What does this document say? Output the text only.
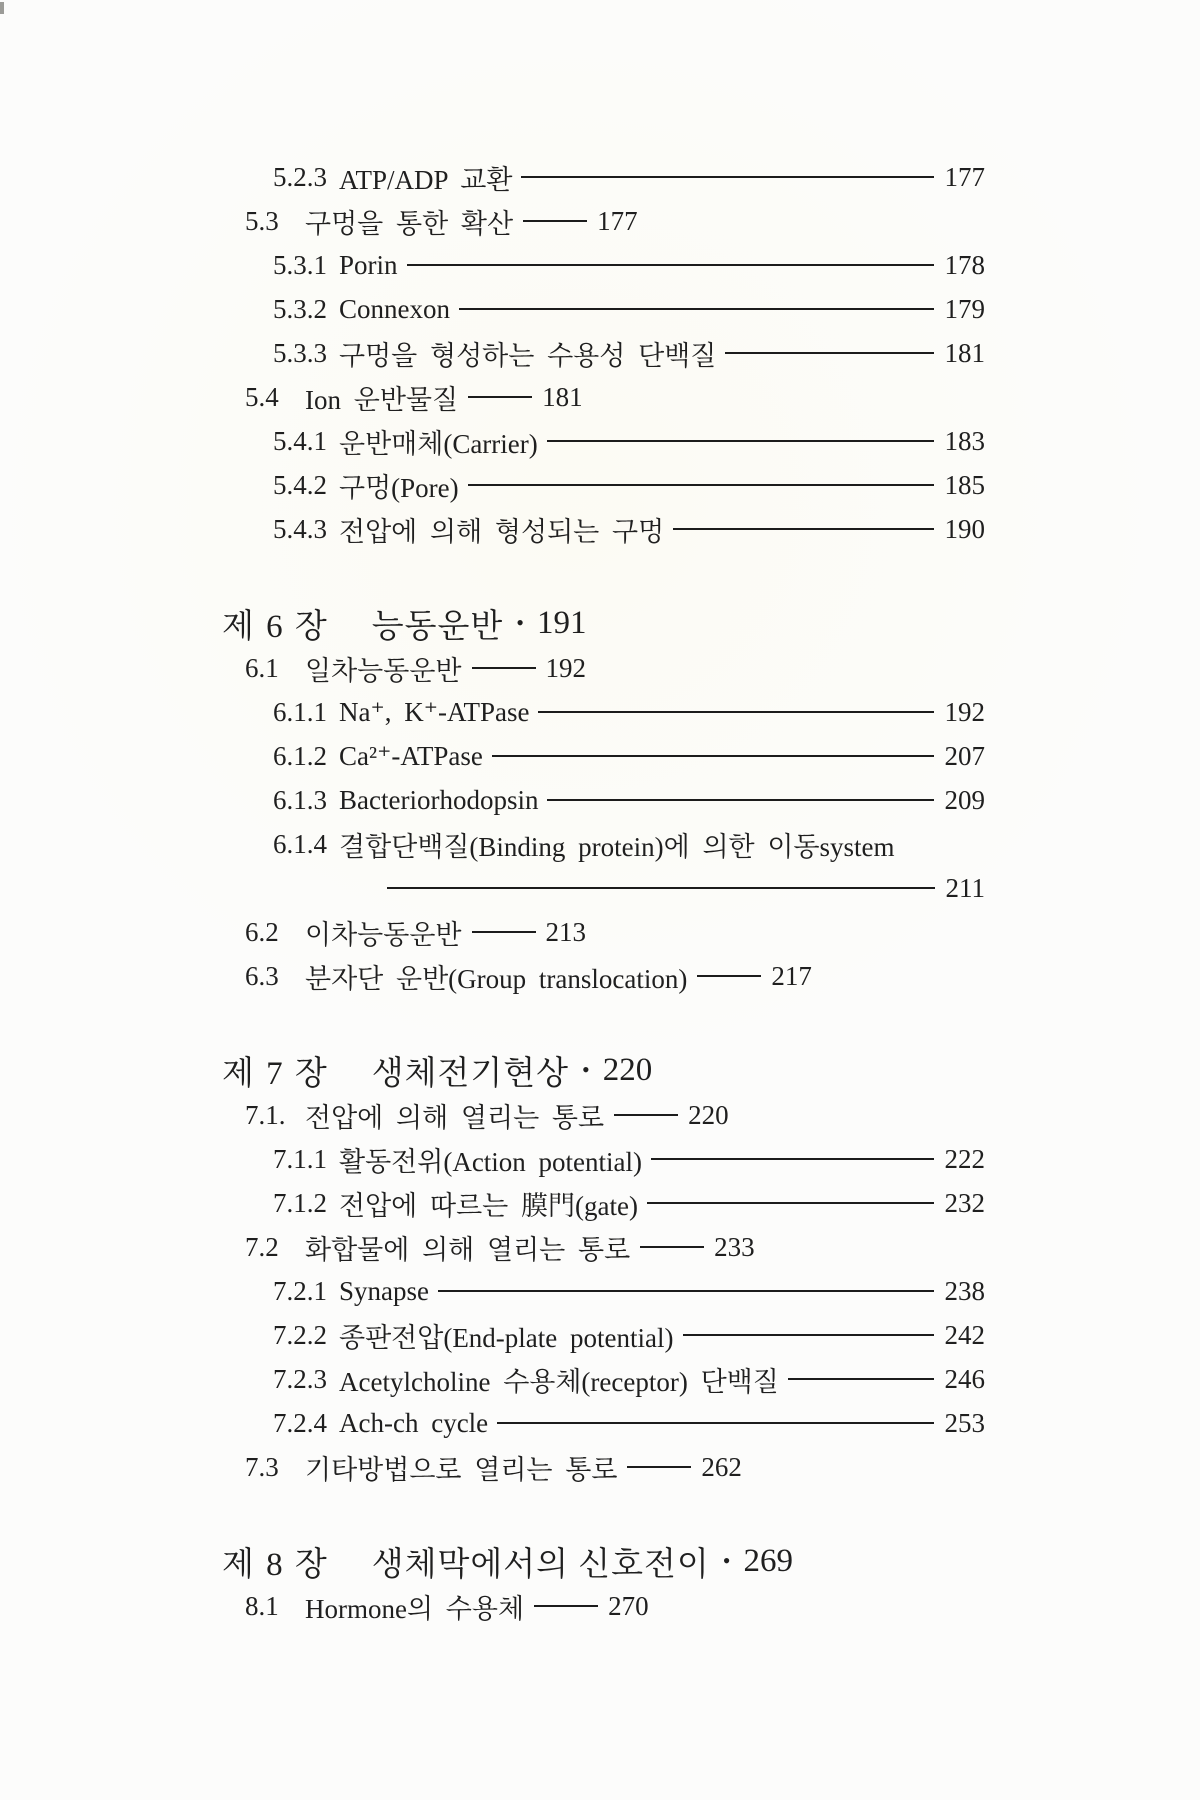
5.2.3 ATP/ADP 교환	177
5.3 구멍을 통한 확산	177
5.3.1 Porin	178
5.3.2 Connexon	179
5.3.3 구멍을 형성하는 수용성 단백질	181
5.4 Ion 운반물질	181
5.4.1 운반매체(Carrier)	183
5.4.2 구멍(Pore)	185
5.4.3 전압에 의해 형성되는 구멍	190
제 6 장 능동운반 • 191
6.1 일차능동운반	192
6.1.1 Na⁺, K⁺-ATPase	192
6.1.2 Ca²⁺-ATPase	207
6.1.3 Bacteriorhodopsin	209
6.1.4 결합단백질(Binding protein)에 의한 이동system
211
6.2 이차능동운반	213
6.3 분자단 운반(Group translocation)	217
제 7 장 생체전기현상 • 220
7.1. 전압에 의해 열리는 통로	220
7.1.1 활동전위(Action potential)	222
7.1.2 전압에 따르는 膜門(gate)	232
7.2 화합물에 의해 열리는 통로	233
7.2.1 Synapse	238
7.2.2 종판전압(End-plate potential)	242
7.2.3 Acetylcholine 수용체(receptor) 단백질	246
7.2.4 Ach-ch cycle	253
7.3 기타방법으로 열리는 통로	262
제 8 장 생체막에서의 신호전이 • 269
8.1 Hormone의 수용체	270
